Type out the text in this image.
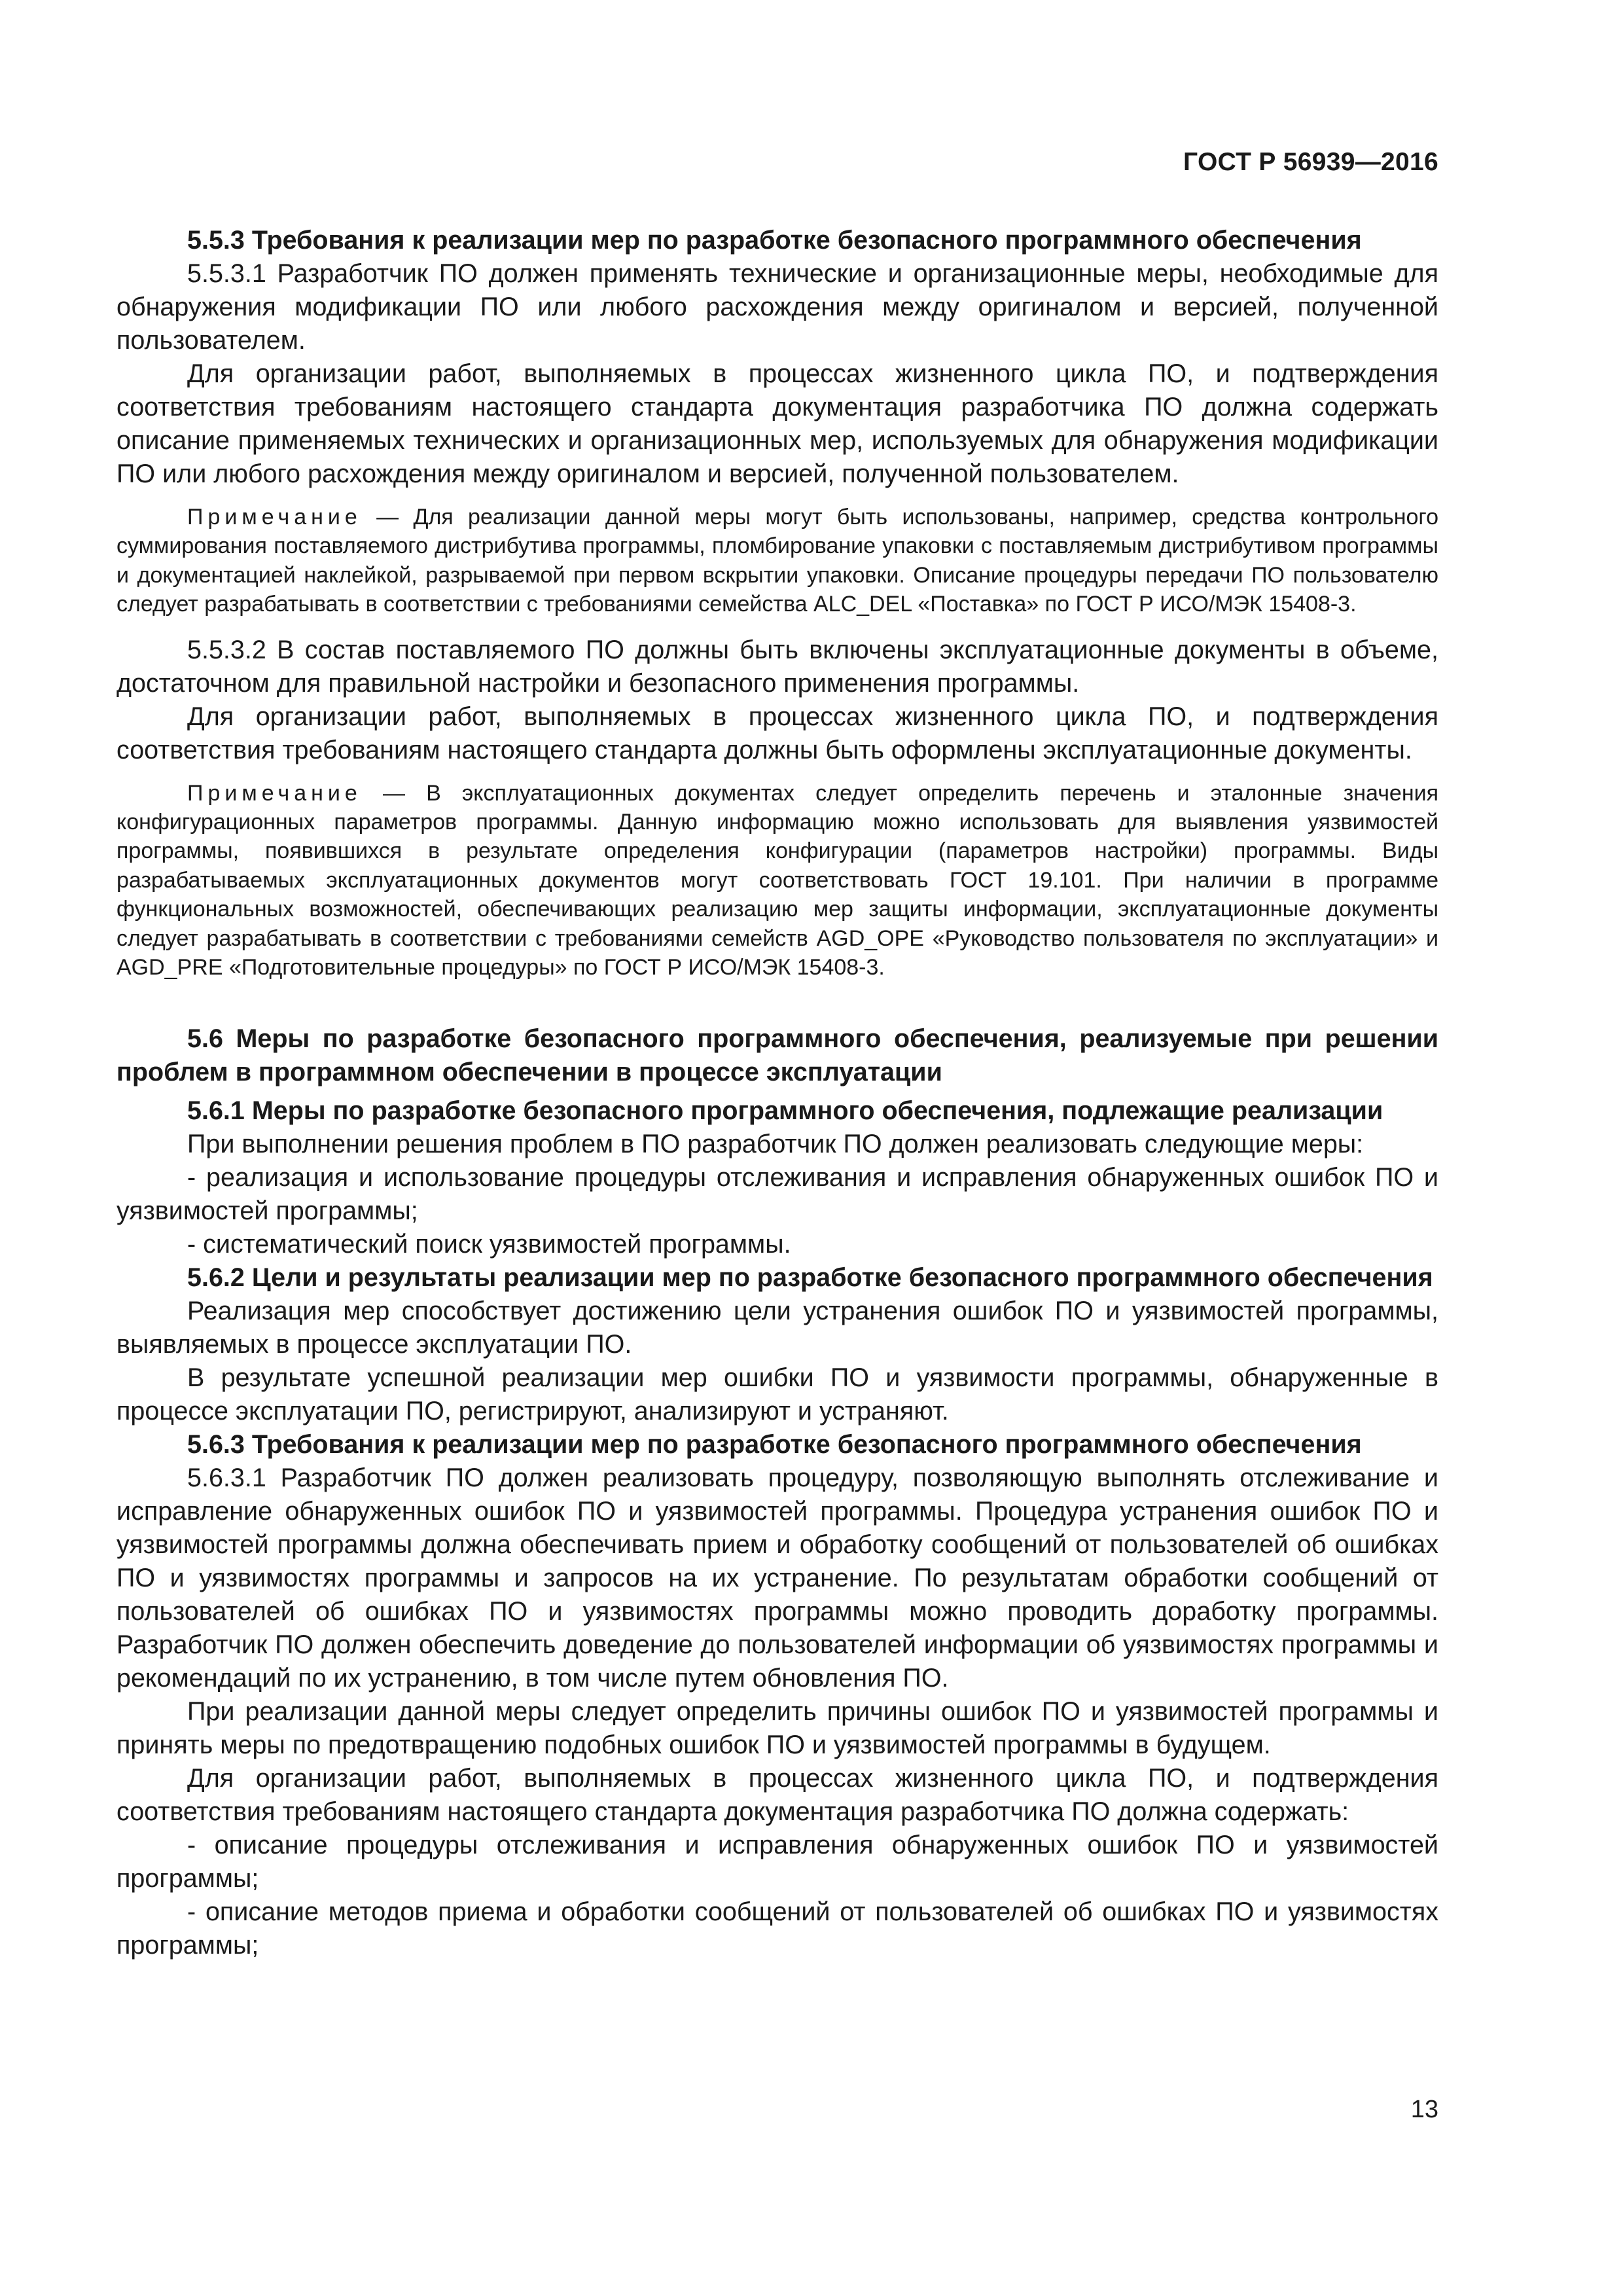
ГОСТ Р 56939—2016

5.5.3 Требования к реализации мер по разработке безопасного программного обеспечения

5.5.3.1 Разработчик ПО должен применять технические и организационные меры, необходимые для обнаружения модификации ПО или любого расхождения между оригиналом и версией, полученной пользователем.

Для организации работ, выполняемых в процессах жизненного цикла ПО, и подтверждения соответствия требованиям настоящего стандарта документация разработчика ПО должна содержать описание применяемых технических и организационных мер, используемых для обнаружения модификации ПО или любого расхождения между оригиналом и версией, полученной пользователем.

Примечание — Для реализации данной меры могут быть использованы, например, средства контрольного суммирования поставляемого дистрибутива программы, пломбирование упаковки с поставляемым дистрибутивом программы и документацией наклейкой, разрываемой при первом вскрытии упаковки. Описание процедуры передачи ПО пользователю следует разрабатывать в соответствии с требованиями семейства ALC_DEL «Поставка» по ГОСТ Р ИСО/МЭК 15408-3.

5.5.3.2 В состав поставляемого ПО должны быть включены эксплуатационные документы в объеме, достаточном для правильной настройки и безопасного применения программы.

Для организации работ, выполняемых в процессах жизненного цикла ПО, и подтверждения соответствия требованиям настоящего стандарта должны быть оформлены эксплуатационные документы.

Примечание — В эксплуатационных документах следует определить перечень и эталонные значения конфигурационных параметров программы. Данную информацию можно использовать для выявления уязвимостей программы, появившихся в результате определения конфигурации (параметров настройки) программы. Виды разрабатываемых эксплуатационных документов могут соответствовать ГОСТ 19.101. При наличии в программе функциональных возможностей, обеспечивающих реализацию мер защиты информации, эксплуатационные документы следует разрабатывать в соответствии с требованиями семейств AGD_OPE «Руководство пользователя по эксплуатации» и AGD_PRE «Подготовительные процедуры» по ГОСТ Р ИСО/МЭК 15408-3.

5.6 Меры по разработке безопасного программного обеспечения, реализуемые при решении проблем в программном обеспечении в процессе эксплуатации

5.6.1 Меры по разработке безопасного программного обеспечения, подлежащие реализации

При выполнении решения проблем в ПО разработчик ПО должен реализовать следующие меры:

- реализация и использование процедуры отслеживания и исправления обнаруженных ошибок ПО и уязвимостей программы;

- систематический поиск уязвимостей программы.

5.6.2 Цели и результаты реализации мер по разработке безопасного программного обеспечения

Реализация мер способствует достижению цели устранения ошибок ПО и уязвимостей программы, выявляемых в процессе эксплуатации ПО.

В результате успешной реализации мер ошибки ПО и уязвимости программы, обнаруженные в процессе эксплуатации ПО, регистрируют, анализируют и устраняют.

5.6.3 Требования к реализации мер по разработке безопасного программного обеспечения

5.6.3.1 Разработчик ПО должен реализовать процедуру, позволяющую выполнять отслеживание и исправление обнаруженных ошибок ПО и уязвимостей программы. Процедура устранения ошибок ПО и уязвимостей программы должна обеспечивать прием и обработку сообщений от пользователей об ошибках ПО и уязвимостях программы и запросов на их устранение. По результатам обработки сообщений от пользователей об ошибках ПО и уязвимостях программы можно проводить доработку программы. Разработчик ПО должен обеспечить доведение до пользователей информации об уязвимостях программы и рекомендаций по их устранению, в том числе путем обновления ПО.

При реализации данной меры следует определить причины ошибок ПО и уязвимостей программы и принять меры по предотвращению подобных ошибок ПО и уязвимостей программы в будущем.

Для организации работ, выполняемых в процессах жизненного цикла ПО, и подтверждения соответствия требованиям настоящего стандарта документация разработчика ПО должна содержать:

- описание процедуры отслеживания и исправления обнаруженных ошибок ПО и уязвимостей программы;

- описание методов приема и обработки сообщений от пользователей об ошибках ПО и уязвимостях программы;

13
